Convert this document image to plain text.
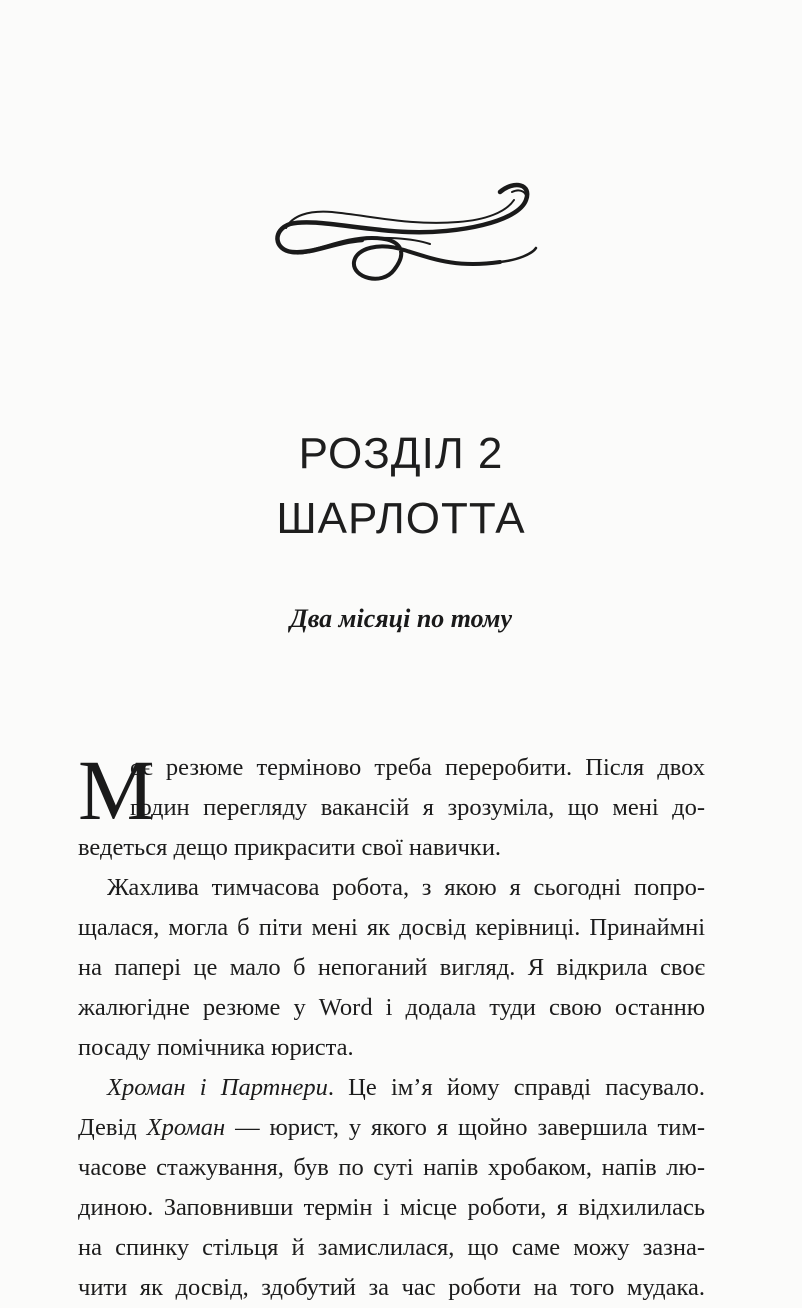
РОЗДІЛ 2
ШАРЛОТТА
Два місяці по тому
М
оє резюме терміново треба переробити. Після двох
годин перегляду вакансій я зрозуміла, що мені до-
ведеться дещо прикрасити свої навички.
Жахлива тимчасова робота, з якою я сьогодні попро-
щалася, могла б піти мені як досвід керівниці. Принаймні
на папері це мало б непоганий вигляд. Я відкрила своє
жалюгідне резюме у Word і додала туди свою останню
посаду помічника юриста.
Хроман і Партнери. Це ім’я йому справді пасувало.
Девід Хроман — юрист, у якого я щойно завершила тим-
часове стажування, був по суті напів хробаком, напів лю-
диною. Заповнивши термін і місце роботи, я відхилилась
на спинку стільця й замислилася, що саме можу зазна-
чити як досвід, здобутий за час роботи на того мудака.
